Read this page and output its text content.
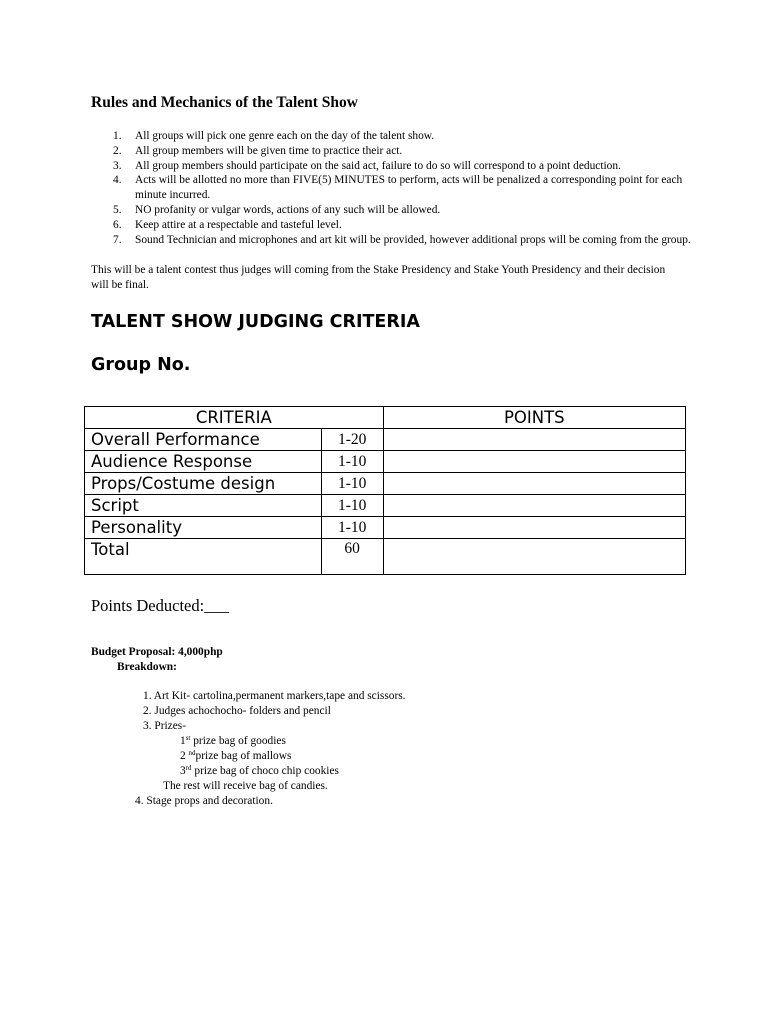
Rules and Mechanics of the Talent Show
1. All groups will pick one genre each on the day of the talent show.
2. All group members will be given time to practice their act.
3. All group members should participate on the said act, failure to do so will correspond to a point deduction.
4. Acts will be allotted no more than FIVE(5) MINUTES to perform, acts will be penalized a corresponding point for each minute incurred.
5. NO profanity or vulgar words, actions of any such will be allowed.
6. Keep attire at a respectable and tasteful level.
7. Sound Technician and microphones and art kit will be provided, however additional props will be coming from the group.
This will be a talent contest thus judges will coming from the Stake Presidency and Stake Youth Presidency and their decision will be final.
TALENT SHOW JUDGING CRITERIA
Group No.
CRITERIA		POINTS
Overall Performance	1-20	
Audience Response	1-10	
Props/Costume design	1-10	
Script	1-10	
Personality	1-10	
Total	60	
Points Deducted:___
Budget Proposal: 4,000php
Breakdown:
1. Art Kit- cartolina,permanent markers,tape and scissors.
2. Judges achochocho- folders and pencil
3. Prizes-
1st prize bag of goodies
2 $^{nd}$prize bag of mallows
3rd prize bag of choco chip cookies
The rest will receive bag of candies.
4. Stage props and decoration.
